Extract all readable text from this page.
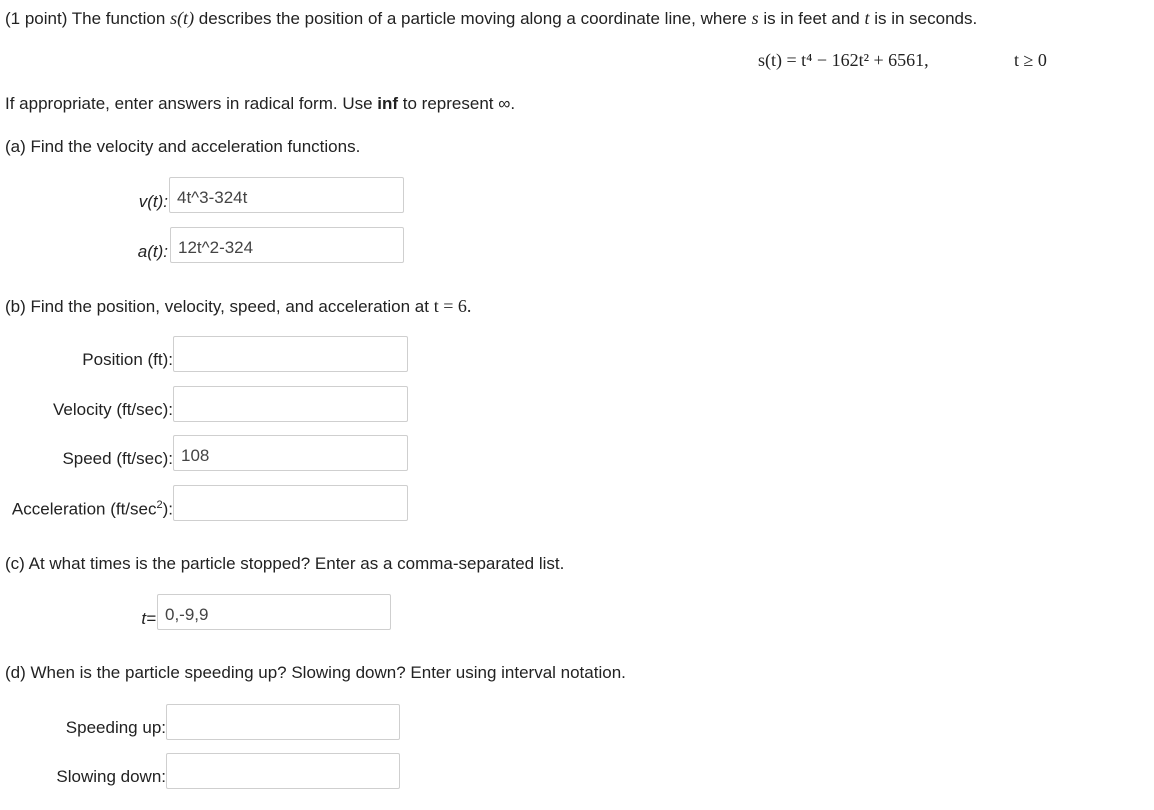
(1 point) The function s(t) describes the position of a particle moving along a coordinate line, where s is in feet and t is in seconds.
s(t) = t⁴ − 162t² + 6561,	t ≥ 0
If appropriate, enter answers in radical form. Use inf to represent ∞.
(a) Find the velocity and acceleration functions.
v(t):
4t^3-324t
a(t):
12t^2-324
(b) Find the position, velocity, speed, and acceleration at t = 6.
Position (ft):
Velocity (ft/sec):
Speed (ft/sec):
108
Acceleration $(ft/\sec^2)$:
(c) At what times is the particle stopped? Enter as a comma-separated list.
t=
0,-9,9
(d) When is the particle speeding up? Slowing down? Enter using interval notation.
Speeding up:
Slowing down:
